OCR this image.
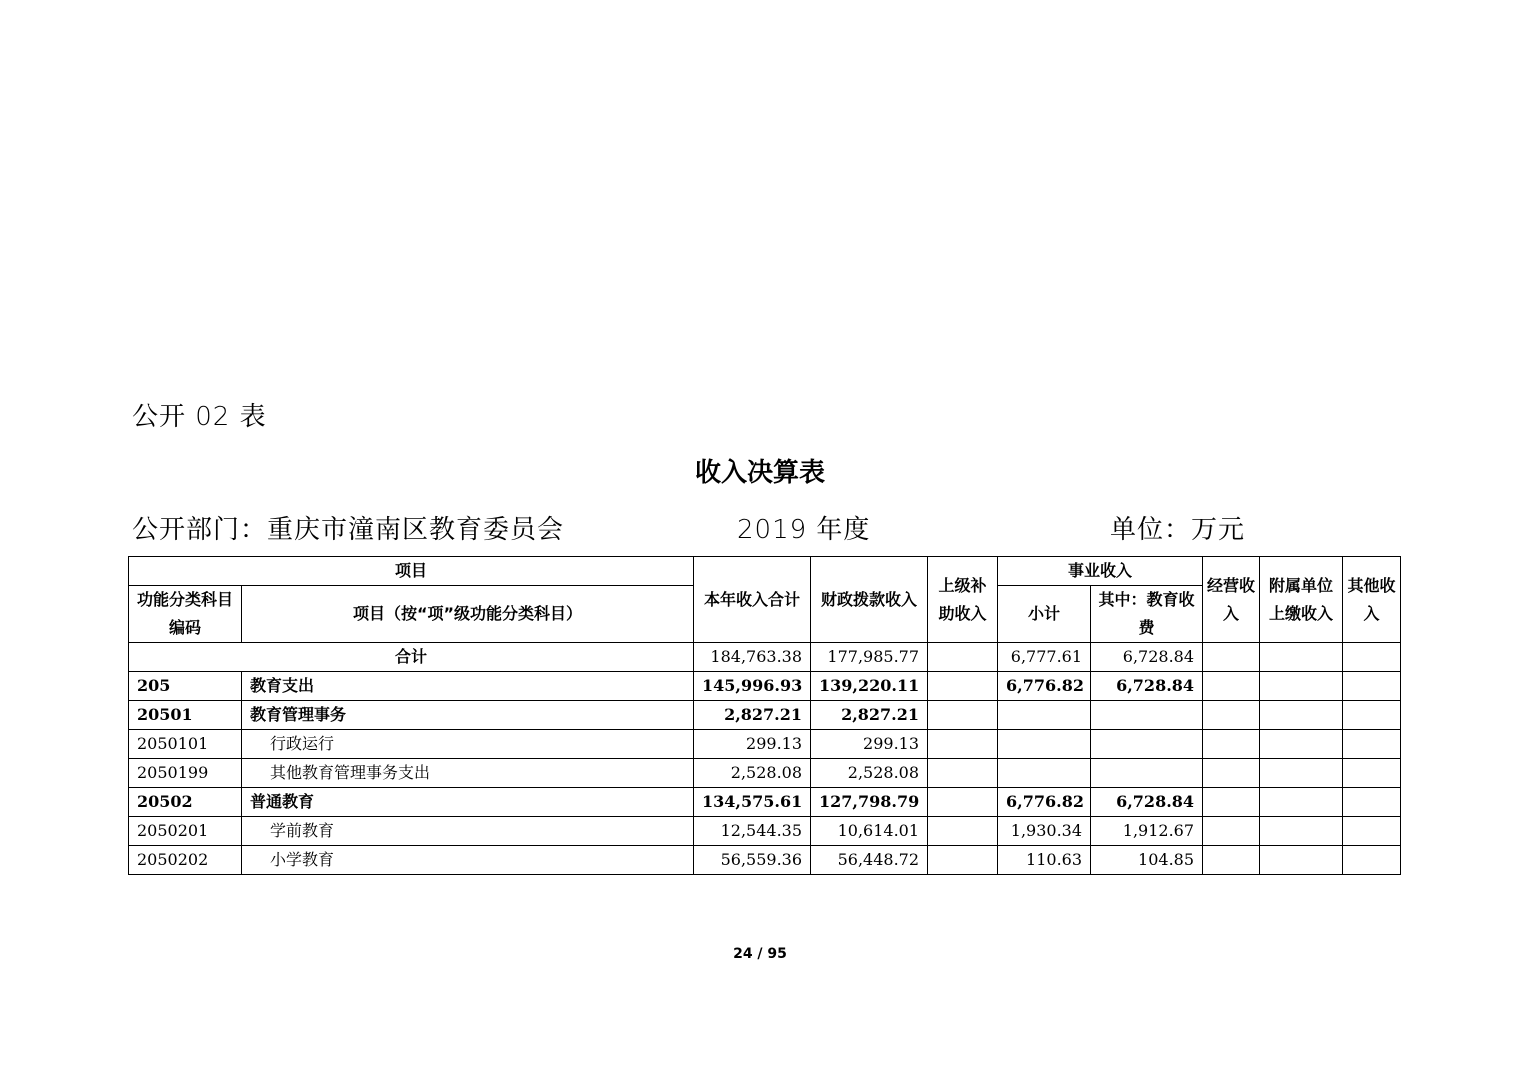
公开 02 表
收入决算表
公开部门：重庆市潼南区教育委员会	2019 年度	单位：万元
项目		本年收入合计	财政拨款收入	上级补助收入	事业收入		经营收入	附属单位上缴收入	其他收入
功能分类科目编码	项目（按“项”级功能分类科目）								
					小计	其中：教育收费			
合计		184,763.38	177,985.77		6,777.61	6,728.84			
205	教育支出	145,996.93	139,220.11		6,776.82	6,728.84			
20501	教育管理事务	2,827.21	2,827.21						
2050101	行政运行	299.13	299.13						
2050199	其他教育管理事务支出	2,528.08	2,528.08						
20502	普通教育	134,575.61	127,798.79		6,776.82	6,728.84			
2050201	学前教育	12,544.35	10,614.01		1,930.34	1,912.67			
2050202	小学教育	56,559.36	56,448.72		110.63	104.85			
24 / 95
